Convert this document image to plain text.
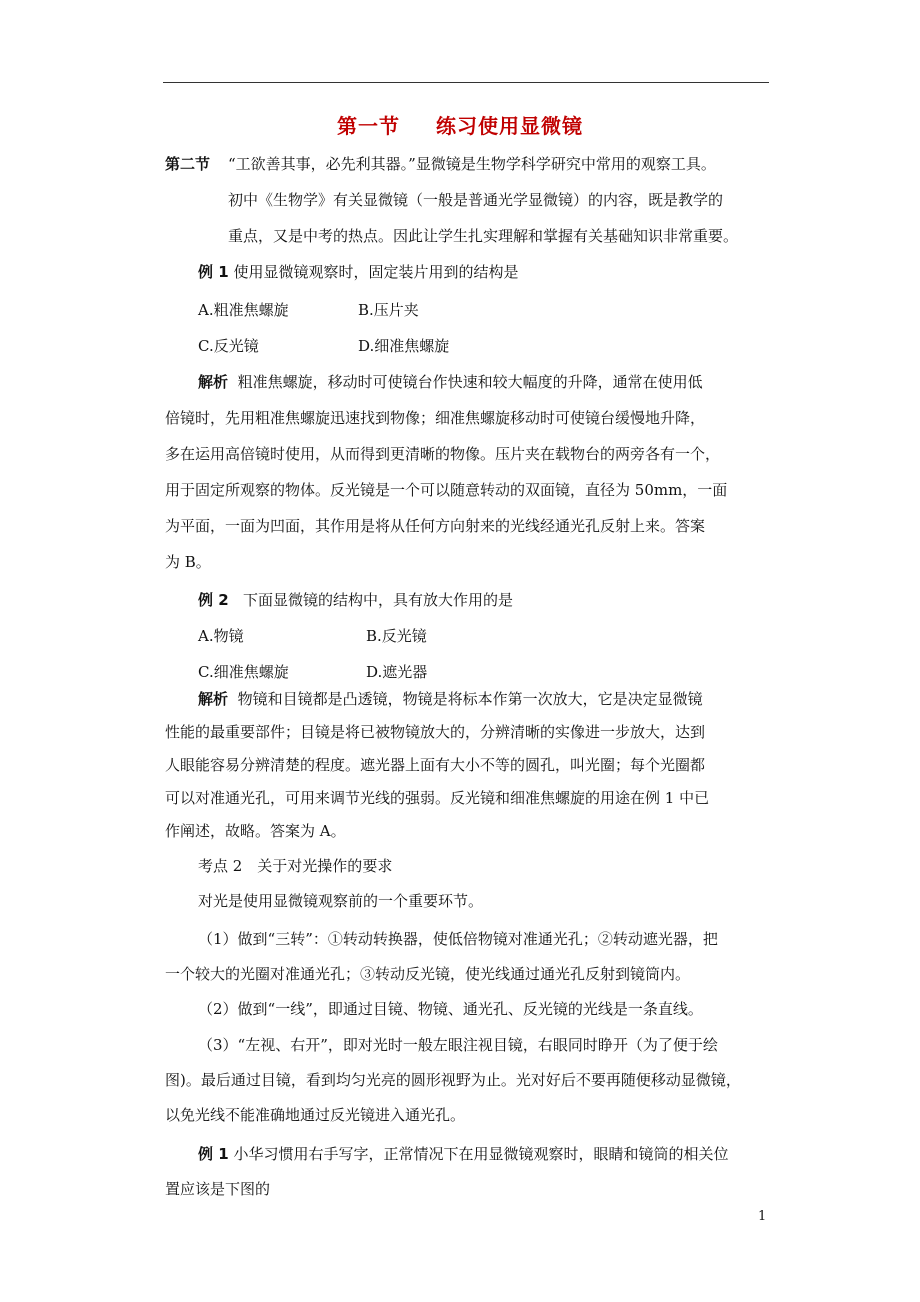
第一节 练习使用显微镜
第二节 “工欲善其事，必先利其器。”显微镜是生物学科学研究中常用的观察工具。
初中《生物学》有关显微镜（一般是普通光学显微镜）的内容，既是教学的
重点，又是中考的热点。因此让学生扎实理解和掌握有关基础知识非常重要。
例 1 使用显微镜观察时，固定装片用到的结构是
A.粗准焦螺旋	B.压片夹
C.反光镜	D.细准焦螺旋
解析 粗准焦螺旋，移动时可使镜台作快速和较大幅度的升降，通常在使用低
倍镜时，先用粗准焦螺旋迅速找到物像；细准焦螺旋移动时可使镜台缓慢地升降，
多在运用高倍镜时使用，从而得到更清晰的物像。压片夹在载物台的两旁各有一个，
用于固定所观察的物体。反光镜是一个可以随意转动的双面镜，直径为 50mm，一面
为平面，一面为凹面，其作用是将从任何方向射来的光线经通光孔反射上来。答案
为 B。
例 2 下面显微镜的结构中，具有放大作用的是
A.物镜	B.反光镜
C.细准焦螺旋	D.遮光器
解析 物镜和目镜都是凸透镜，物镜是将标本作第一次放大，它是决定显微镜
性能的最重要部件；目镜是将已被物镜放大的，分辨清晰的实像进一步放大，达到
人眼能容易分辨清楚的程度。遮光器上面有大小不等的圆孔，叫光圈；每个光圈都
可以对准通光孔，可用来调节光线的强弱。反光镜和细准焦螺旋的用途在例 1 中已
作阐述，故略。答案为 A。
考点 2　关于对光操作的要求
对光是使用显微镜观察前的一个重要环节。
（1）做到“三转”：①转动转换器，使低倍物镜对准通光孔；②转动遮光器，把
一个较大的光圈对准通光孔；③转动反光镜，使光线通过通光孔反射到镜筒内。
（2）做到“一线”，即通过目镜、物镜、通光孔、反光镜的光线是一条直线。
（3）“左视、右开”，即对光时一般左眼注视目镜，右眼同时睁开（为了便于绘
图)。最后通过目镜，看到均匀光亮的圆形视野为止。光对好后不要再随便移动显微镜，
以免光线不能准确地通过反光镜进入通光孔。
例 1 小华习惯用右手写字，正常情况下在用显微镜观察时，眼睛和镜筒的相关位
置应该是下图的
1
